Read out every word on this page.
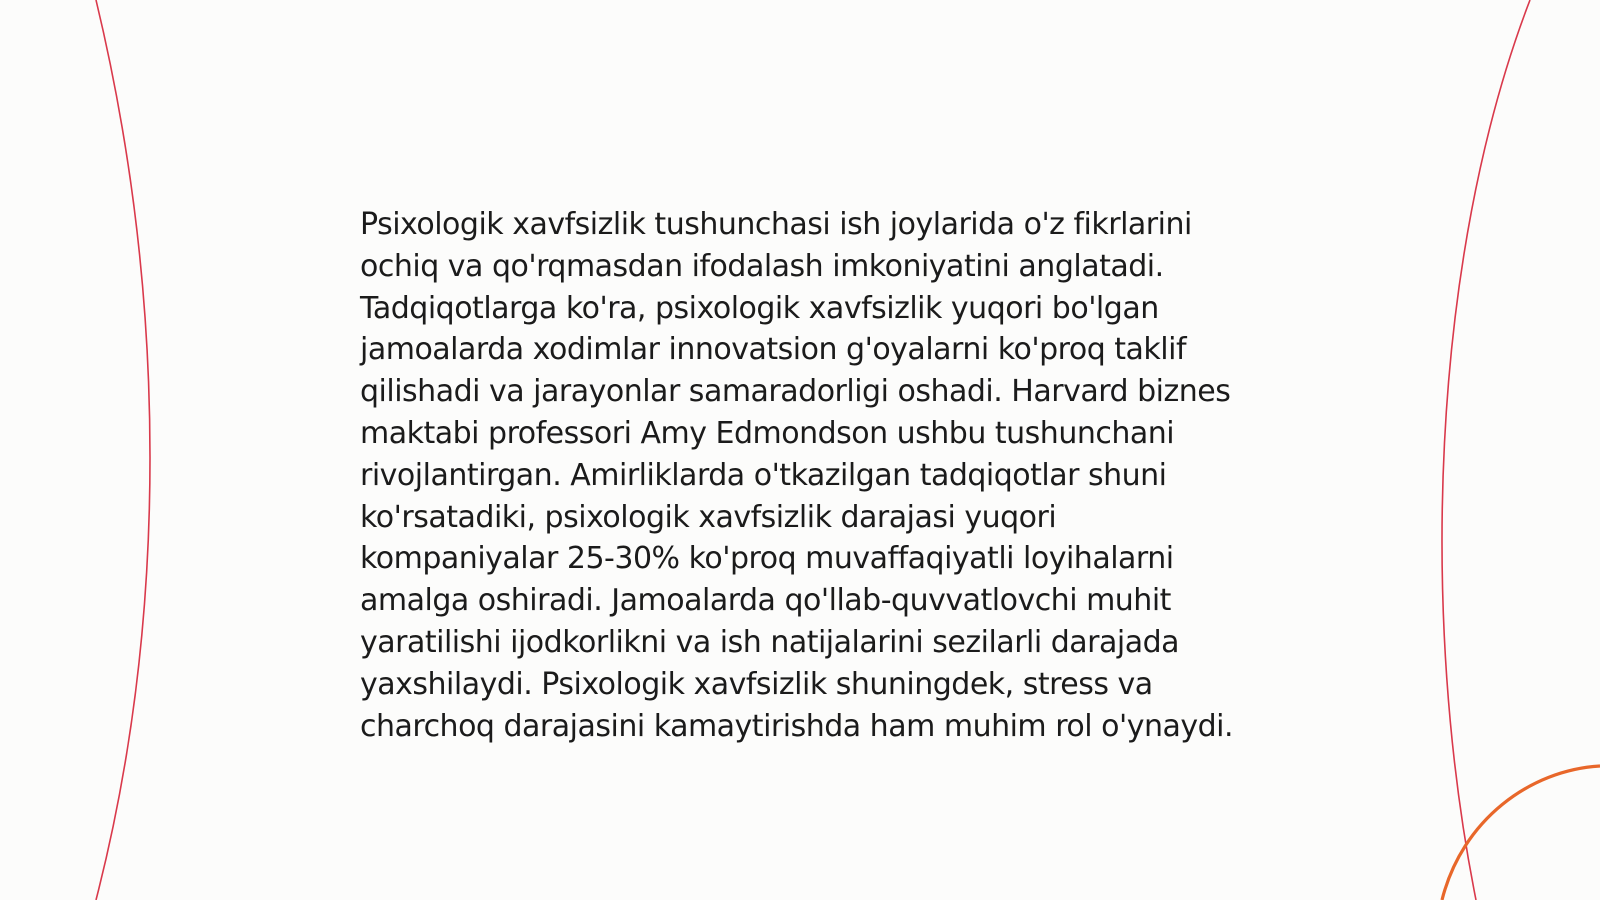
Psixologik xavfsizlik tushunchasi ish joylarida o'z fikrlarini ochiq va qo'rqmasdan ifodalash imkoniyatini anglatadi. Tadqiqotlarga ko'ra, psixologik xavfsizlik yuqori bo'lgan jamoalarda xodimlar innovatsion g'oyalarni ko'proq taklif qilishadi va jarayonlar samaradorligi oshadi. Harvard biznes maktabi professori Amy Edmondson ushbu tushunchani rivojlantirgan. Amirliklarda o'tkazilgan tadqiqotlar shuni ko'rsatadiki, psixologik xavfsizlik darajasi yuqori kompaniyalar 25-30% ko'proq muvaffaqiyatli loyihalarni amalga oshiradi. Jamoalarda qo'llab-quvvatlovchi muhit yaratilishi ijodkorlikni va ish natijalarini sezilarli darajada yaxshilaydi. Psixologik xavfsizlik shuningdek, stress va charchoq darajasini kamaytirishda ham muhim rol o'ynaydi.
